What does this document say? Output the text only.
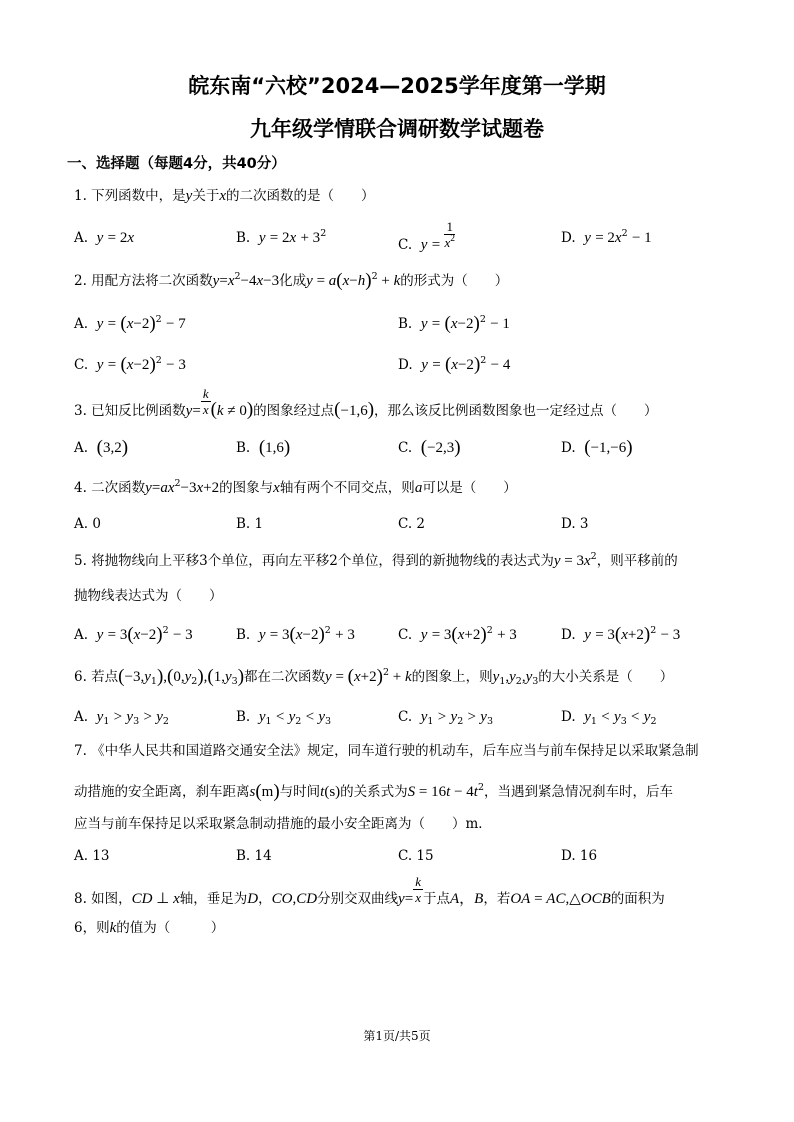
皖东南“六校”2024—2025学年度第一学期
九年级学情联合调研数学试题卷
一、选择题（每题4分，共40分）
1. 下列函数中，是y关于x的二次函数的是（　　）
A. y = 2x	B. $y = 2x + 3^2$
C. $y = \frac{1}{x^2}$	D. $y = 2x^2 - 1$
2. 用配方法将二次函数$y=x^2-4x-3$化成$y = a(x-h)^2 + k$的形式为（　　）
A. $y = (x-2)^2 - 7$	B. $y = (x-2)^2 - 1$
C. $y = (x-2)^2 - 3$	D. $y = (x-2)^2 - 4$
3. 已知反比例函数$y= \frac{k}{x} (k \ne 0)$的图象经过点(−1,6)，那么该反比例函数图象也一定经过点（　　）
A. (3,2)	B. (1,6)	C. (−2,3)	D. (−1,−6)
4. 二次函数$y=ax^2-3x+2$的图象与x轴有两个不同交点，则a可以是（　　）
A. 0	B. 1	C. 2	D. 3
5. 将抛物线向上平移3个单位，再向左平移2个单位，得到的新抛物线的表达式为$y = 3x^2$，则平移前的
抛物线表达式为（　　）
A. $y = 3(x-2)^2 - 3$	B. $y = 3(x-2)^2 + 3$	C. $y = 3(x+2)^2 + 3$	D. $y = 3(x+2)^2 - 3$
6. 若点$(-3,y_1),(0,y_2),(1,y_3)$都在二次函数$y = (x+2)^2 + k$的图象上，则$y_1,y_2,y_3$的大小关系是（　　）
A. $y_1 > y_3 > y_2$	B. $y_1 < y_2 < y_3$	C. $y_1 > y_2 > y_3$	D. $y_1 < y_3 < y_2$
7. 《中华人民共和国道路交通安全法》规定，同车道行驶的机动车，后车应当与前车保持足以采取紧急制
动措施的安全距离，刹车距离s(m)与时间t(s)的关系式为$S = 16t - 4t^2$，当遇到紧急情况刹车时，后车
应当与前车保持足以采取紧急制动措施的最小安全距离为（　　）m．
A. 13	B. 14	C. 15	D. 16
8. 如图，CD ⊥ x轴，垂足为D，CO,CD分别交双曲线$y= \frac{k}{x}$ 于点A，B，若OA = AC,△OCB的面积为
6，则k的值为（　　　）
第1页/共5页
